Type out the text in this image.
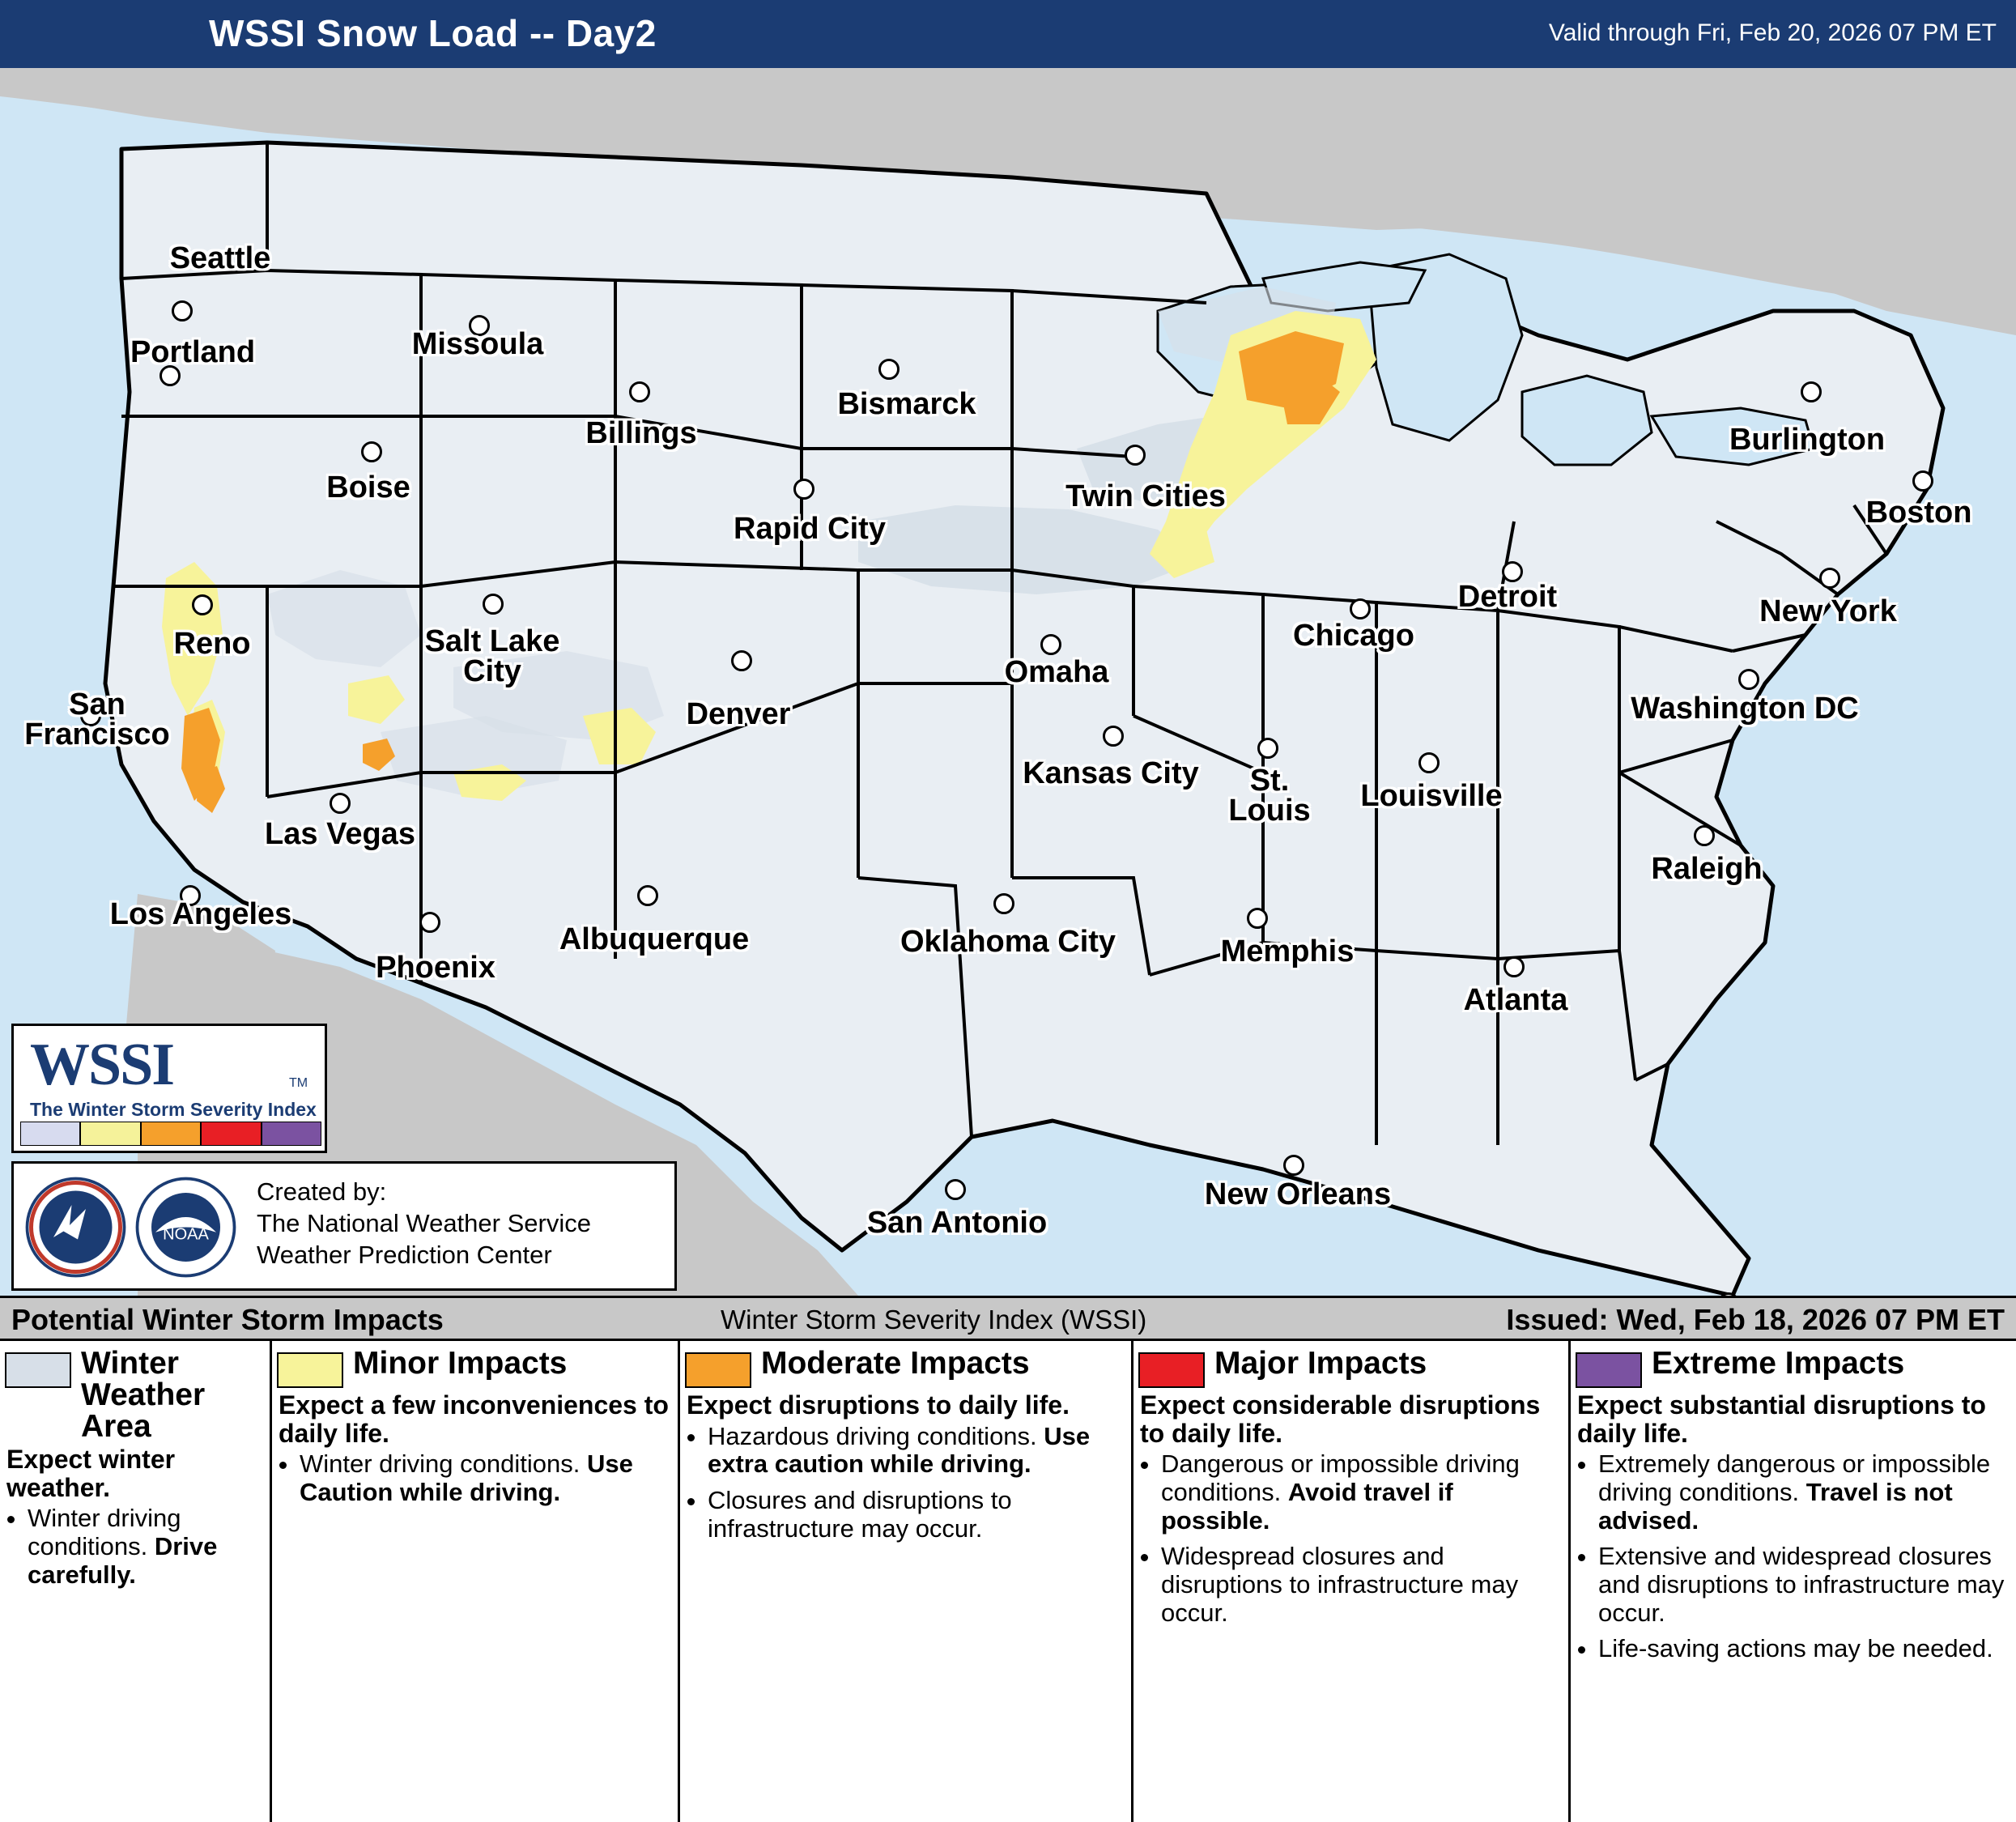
WSSI Snow Load -- Day2	Valid through Fri, Feb 20, 2026 07 PM ET
Seattle
Portland	Missoula
Billings
Boise
Bismarck
Rapid City
Twin Cities
Reno	Salt Lake
City
Denver
Omaha
Chicago
Detroit
Burlington
Boston
New York
Washington DC
San
Francisco
Kansas City	St.
Louis Louisville
Raleigh
Las Vegas
Los Angeles
Phoenix
Albuquerque	Oklahoma City	Memphis
Atlanta
San Antonio
New Orleans
WSSI	TM
The Winter Storm Severity Index
NOAA
Created by:
The National Weather Service
Weather Prediction Center
Potential Winter Storm Impacts	Winter Storm Severity Index (WSSI)	Issued: Wed, Feb 18, 2026 07 PM ET
Winter Weather Area
Expect winter weather.
• Winter driving conditions. Drive carefully.
Minor Impacts
Expect a few inconveniences to daily life.
• Winter driving conditions. Use Caution while driving.
Moderate Impacts
Expect disruptions to daily life.
• Hazardous driving conditions. Use extra caution while driving.
• Closures and disruptions to infrastructure may occur.
Major Impacts
Expect considerable disruptions to daily life.
• Dangerous or impossible driving conditions. Avoid travel if possible.
• Widespread closures and disruptions to infrastructure may occur.
Extreme Impacts
Expect substantial disruptions to daily life.
• Extremely dangerous or impossible driving conditions. Travel is not advised.
• Extensive and widespread closures and disruptions to infrastructure may occur.
• Life-saving actions may be needed.
